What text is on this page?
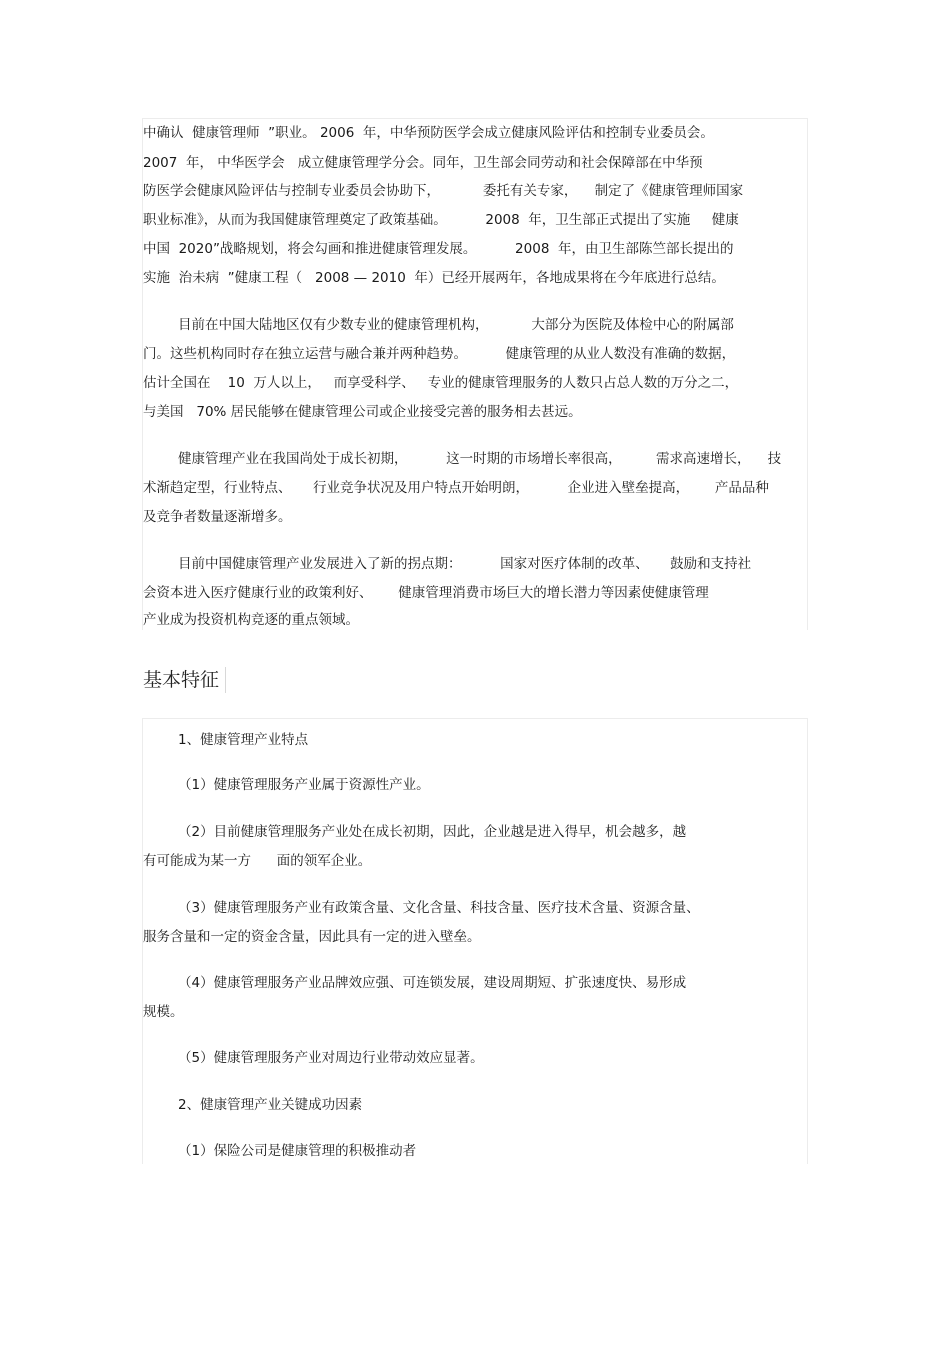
中确认  健康管理师  ”职业。 2006  年，中华预防医学会成立健康风险评估和控制专业委员会。
2007  年， 中华医学会   成立健康管理学分会。同年，卫生部会同劳动和社会保障部在中华预
防医学会健康风险评估与控制专业委员会协助下，          委托有关专家，    制定了《健康管理师国家
职业标准》，从而为我国健康管理奠定了政策基础。         2008  年，卫生部正式提出了实施     健康
中国  2020”战略规划，将会勾画和推进健康管理发展。         2008  年，由卫生部陈竺部长提出的
实施  治未病  ”健康工程（   2008 — 2010  年）已经开展两年，各地成果将在今年底进行总结。
目前在中国大陆地区仅有少数专业的健康管理机构，          大部分为医院及体检中心的附属部
门。这些机构同时存在独立运营与融合兼并两种趋势。         健康管理的从业人数没有准确的数据，
估计全国在    10  万人以上，   而享受科学、   专业的健康管理服务的人数只占总人数的万分之二，
与美国   70% 居民能够在健康管理公司或企业接受完善的服务相去甚远。
健康管理产业在我国尚处于成长初期，         这一时期的市场增长率很高，        需求高速增长，    技
术渐趋定型，行业特点、     行业竞争状况及用户特点开始明朗，         企业进入壁垒提高，      产品品种
及竞争者数量逐渐增多。
目前中国健康管理产业发展进入了新的拐点期：         国家对医疗体制的改革、     鼓励和支持社
会资本进入医疗健康行业的政策利好、      健康管理消费市场巨大的增长潜力等因素使健康管理
产业成为投资机构竞逐的重点领域。
基本特征
1、健康管理产业特点
（1）健康管理服务产业属于资源性产业。
（2）目前健康管理服务产业处在成长初期，因此，企业越是进入得早，机会越多，越
有可能成为某一方      面的领军企业。
（3）健康管理服务产业有政策含量、文化含量、科技含量、医疗技术含量、资源含量、
服务含量和一定的资金含量，因此具有一定的进入壁垒。
（4）健康管理服务产业品牌效应强、可连锁发展，建设周期短、扩张速度快、易形成
规模。
（5）健康管理服务产业对周边行业带动效应显著。
2、健康管理产业关键成功因素
（1）保险公司是健康管理的积极推动者
